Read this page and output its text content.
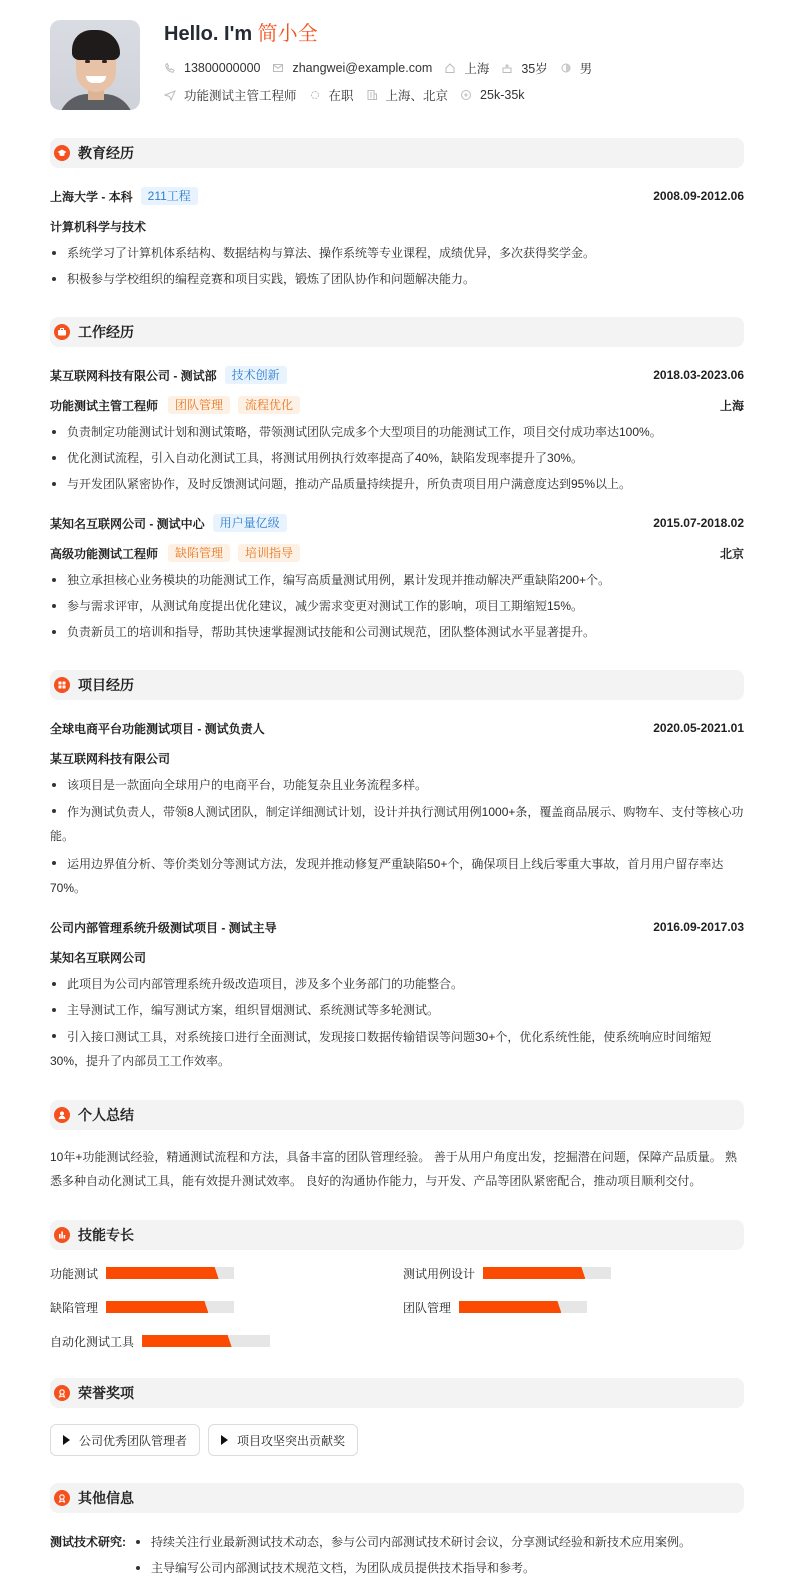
Hello. I'm 简小全
13800000000	zhangwei@example.com	上海	35岁	男
功能测试主管工程师	在职	上海、北京	25k-35k
教育经历
上海大学 - 本科	211工程	2008.09-2012.06
计算机科学与技术
系统学习了计算机体系结构、数据结构与算法、操作系统等专业课程，成绩优异，多次获得奖学金。
积极参与学校组织的编程竞赛和项目实践，锻炼了团队协作和问题解决能力。
工作经历
某互联网科技有限公司 - 测试部	技术创新	2018.03-2023.06
功能测试主管工程师	团队管理	流程优化	上海
负责制定功能测试计划和测试策略，带领测试团队完成多个大型项目的功能测试工作，项目交付成功率达100%。
优化测试流程，引入自动化测试工具，将测试用例执行效率提高了40%，缺陷发现率提升了30%。
与开发团队紧密协作，及时反馈测试问题，推动产品质量持续提升，所负责项目用户满意度达到95%以上。
某知名互联网公司 - 测试中心	用户量亿级	2015.07-2018.02
高级功能测试工程师	缺陷管理	培训指导	北京
独立承担核心业务模块的功能测试工作，编写高质量测试用例，累计发现并推动解决严重缺陷200+个。
参与需求评审，从测试角度提出优化建议，减少需求变更对测试工作的影响，项目工期缩短15%。
负责新员工的培训和指导，帮助其快速掌握测试技能和公司测试规范，团队整体测试水平显著提升。
项目经历
全球电商平台功能测试项目 - 测试负责人	2020.05-2021.01
某互联网科技有限公司
该项目是一款面向全球用户的电商平台，功能复杂且业务流程多样。
作为测试负责人，带领8人测试团队，制定详细测试计划，设计并执行测试用例1000+条，覆盖商品展示、购物车、支付等核心功能。
运用边界值分析、等价类划分等测试方法，发现并推动修复严重缺陷50+个，确保项目上线后零重大事故，首月用户留存率达70%。
公司内部管理系统升级测试项目 - 测试主导	2016.09-2017.03
某知名互联网公司
此项目为公司内部管理系统升级改造项目，涉及多个业务部门的功能整合。
主导测试工作，编写测试方案，组织冒烟测试、系统测试等多轮测试。
引入接口测试工具，对系统接口进行全面测试，发现接口数据传输错误等问题30+个，优化系统性能，使系统响应时间缩短30%，提升了内部员工工作效率。
个人总结

10年+功能测试经验，精通测试流程和方法，具备丰富的团队管理经验。 善于从用户角度出发，挖掘潜在问题，保障产品质量。 熟悉多种自动化测试工具，能有效提升测试效率。 良好的沟通协作能力，与开发、产品等团队紧密配合，推动项目顺利交付。

技能专长
功能测试	测试用例设计
缺陷管理	团队管理
自动化测试工具
荣誉奖项
公司优秀团队管理者	项目攻坚突出贡献奖
其他信息
测试技术研究:	持续关注行业最新测试技术动态，参与公司内部测试技术研讨会议，分享测试经验和新技术应用案例。
主导编写公司内部测试技术规范文档，为团队成员提供技术指导和参考。
